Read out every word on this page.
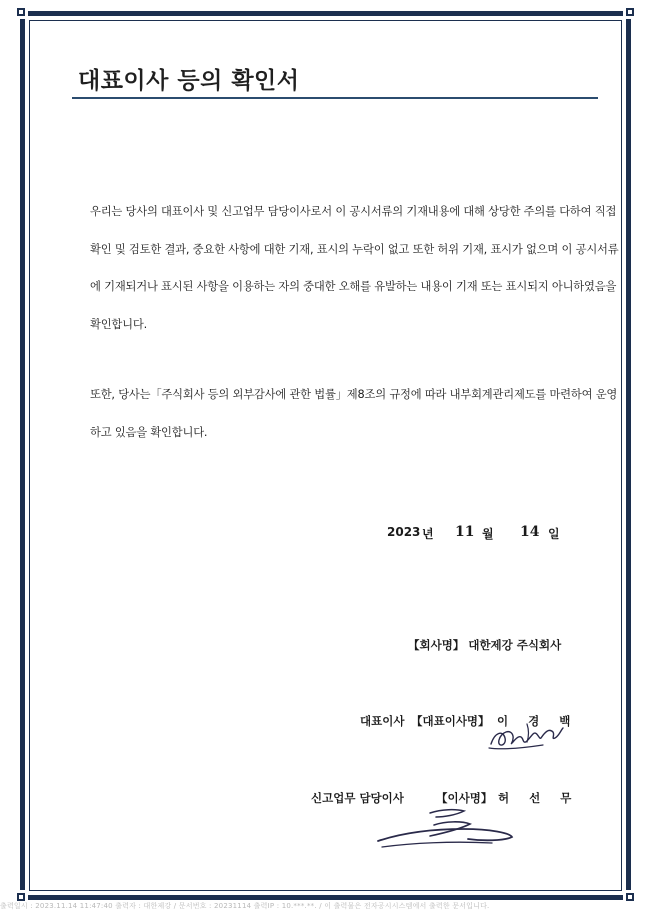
대표이사 등의 확인서

우리는 당사의 대표이사 및 신고업무 담당이사로서 이 공시서류의 기재내용에 대해 상당한 주의를 다하여 직접 확인 및 검토한 결과, 중요한 사항에 대한 기재, 표시의 누락이 없고 또한 허위 기재, 표시가 없으며 이 공시서류에 기재되거나 표시된 사항을 이용하는 자의 중대한 오해를 유발하는 내용이 기재 또는 표시되지 아니하였음을 확인합니다.

또한, 당사는「주식회사 등의 외부감사에 관한 법률」제8조의 규정에 따라 내부회계관리제도를 마련하여 운영하고 있음을 확인합니다.

2023 년 11 월 14 일
【회사명】 대한제강 주식회사
대표이사 【대표이사명】 이 경 백
신고업무 담당이사	【이사명】 허 선 무
출력일시 : 2023.11.14 11:47:40 출력자 : 대한제강 / 문서번호 : 20231114 출력IP : 10.***.**. / 이 출력물은 전자공시시스템에서 출력한 문서입니다.
